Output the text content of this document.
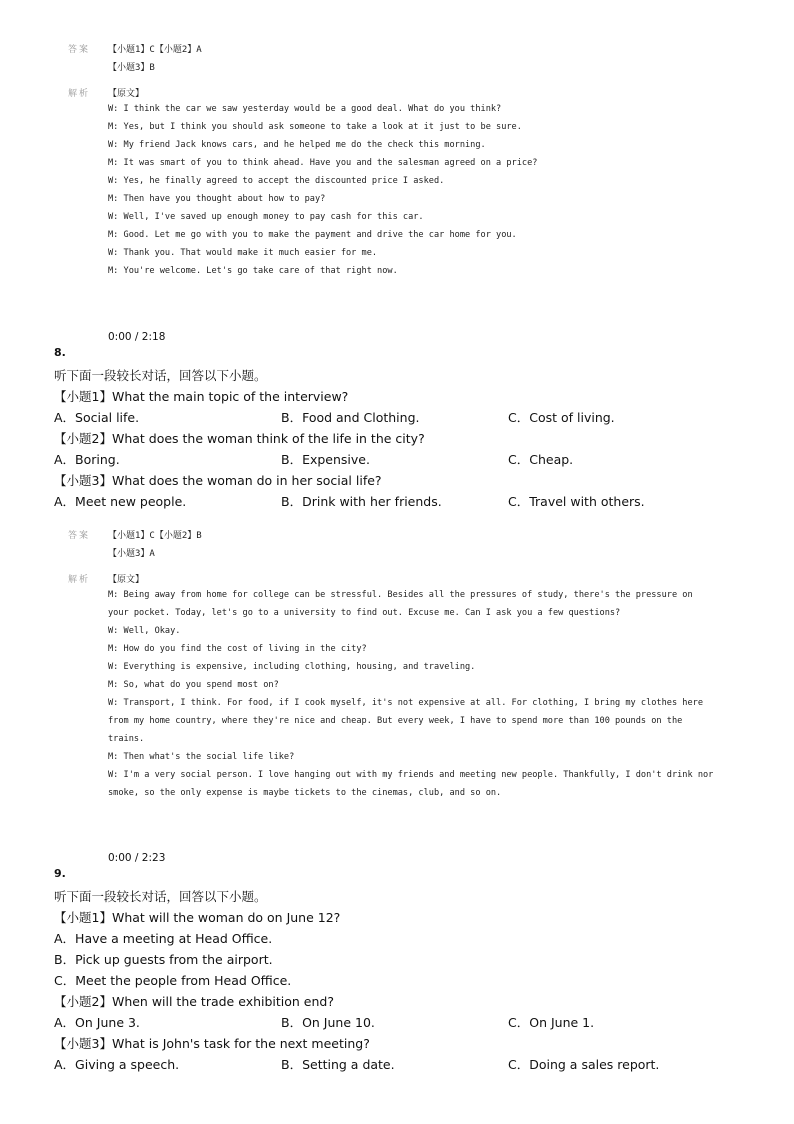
答案 【小题1】C【小题2】A
【小题3】B
解析 【原文】
W: I think the car we saw yesterday would be a good deal. What do you think?
M: Yes, but I think you should ask someone to take a look at it just to be sure.
W: My friend Jack knows cars, and he helped me do the check this morning.
M: It was smart of you to think ahead. Have you and the salesman agreed on a price?
W: Yes, he finally agreed to accept the discounted price I asked.
M: Then have you thought about how to pay?
W: Well, I've saved up enough money to pay cash for this car.
M: Good. Let me go with you to make the payment and drive the car home for you.
W: Thank you. That would make it much easier for me.
M: You're welcome. Let's go take care of that right now.
0:00 / 2:18
8.
听下面一段较长对话，回答以下小题。
【小题1】What the main topic of the interview?
A．Social life.	B．Food and Clothing.	C．Cost of living.
【小题2】What does the woman think of the life in the city?
A．Boring.	B．Expensive.	C．Cheap.
【小题3】What does the woman do in her social life?
A．Meet new people.	B．Drink with her friends.	C．Travel with others.
答案 【小题1】C【小题2】B
【小题3】A
解析 【原文】
M: Being away from home for college can be stressful. Besides all the pressures of study, there's the pressure on
your pocket. Today, let's go to a university to find out. Excuse me. Can I ask you a few questions?
W: Well, Okay.
M: How do you find the cost of living in the city?
W: Everything is expensive, including clothing, housing, and traveling.
M: So, what do you spend most on?
W: Transport, I think. For food, if I cook myself, it's not expensive at all. For clothing, I bring my clothes here
from my home country, where they're nice and cheap. But every week, I have to spend more than 100 pounds on the
trains.
M: Then what's the social life like?
W: I'm a very social person. I love hanging out with my friends and meeting new people. Thankfully, I don't drink nor
smoke, so the only expense is maybe tickets to the cinemas, club, and so on.
0:00 / 2:23
9.
听下面一段较长对话，回答以下小题。
【小题1】What will the woman do on June 12?
A．Have a meeting at Head Office.
B．Pick up guests from the airport.
C．Meet the people from Head Office.
【小题2】When will the trade exhibition end?
A．On June 3.	B．On June 10.	C．On June 1.
【小题3】What is John's task for the next meeting?
A．Giving a speech.	B．Setting a date.	C．Doing a sales report.
